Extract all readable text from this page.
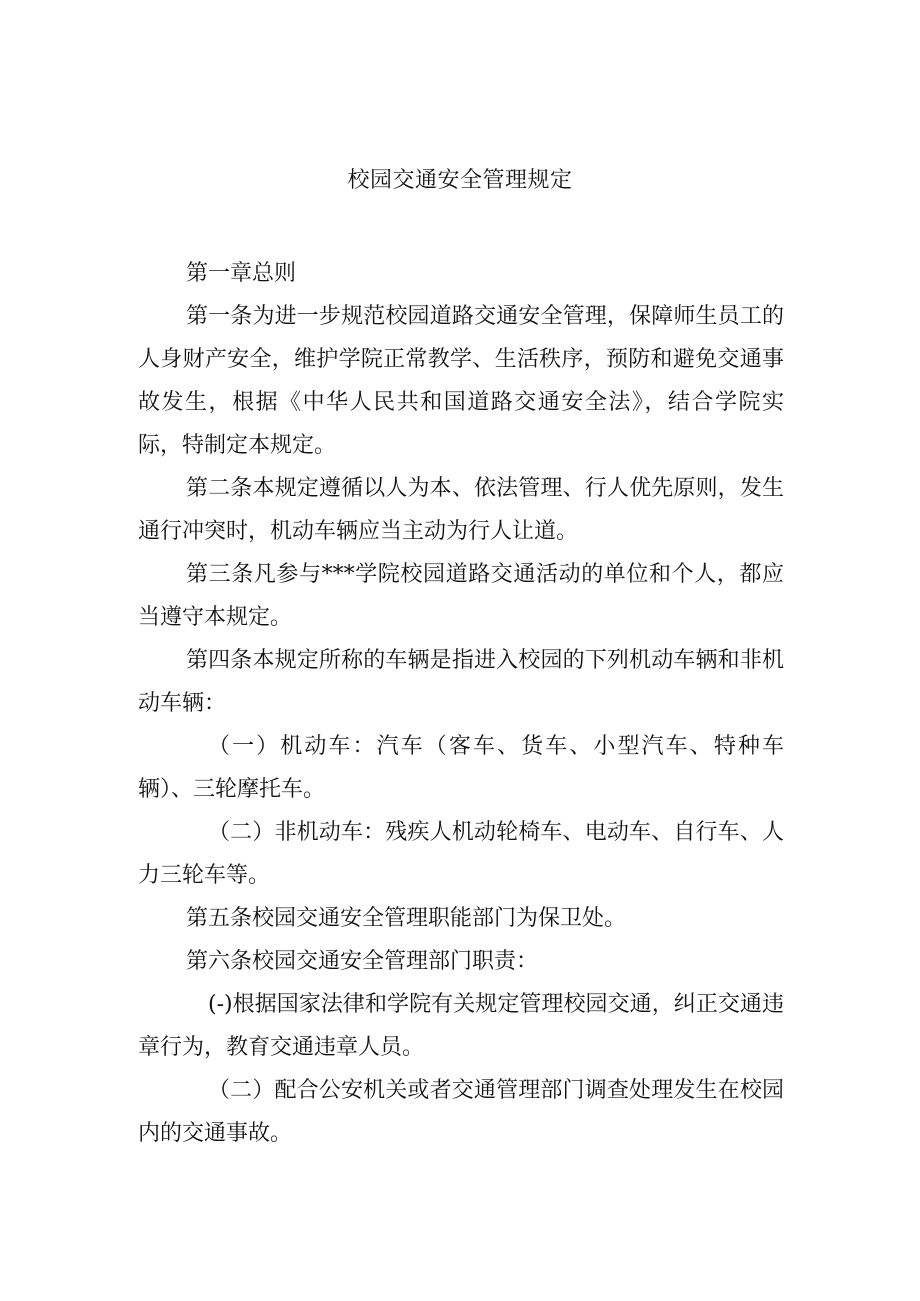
校园交通安全管理规定

第一章总则

第一条为进一步规范校园道路交通安全管理，保障师生员工的人身财产安全，维护学院正常教学、生活秩序，预防和避免交通事故发生，根据《中华人民共和国道路交通安全法》，结合学院实际，特制定本规定。

第二条本规定遵循以人为本、依法管理、行人优先原则，发生通行冲突时，机动车辆应当主动为行人让道。

第三条凡参与***学院校园道路交通活动的单位和个人，都应当遵守本规定。

第四条本规定所称的车辆是指进入校园的下列机动车辆和非机动车辆：

（一）机动车：汽车（客车、货车、小型汽车、特种车辆）、三轮摩托车。

（二）非机动车：残疾人机动轮椅车、电动车、自行车、人力三轮车等。

第五条校园交通安全管理职能部门为保卫处。

第六条校园交通安全管理部门职责：

(-)根据国家法律和学院有关规定管理校园交通，纠正交通违章行为，教育交通违章人员。

（二）配合公安机关或者交通管理部门调查处理发生在校园内的交通事故。
